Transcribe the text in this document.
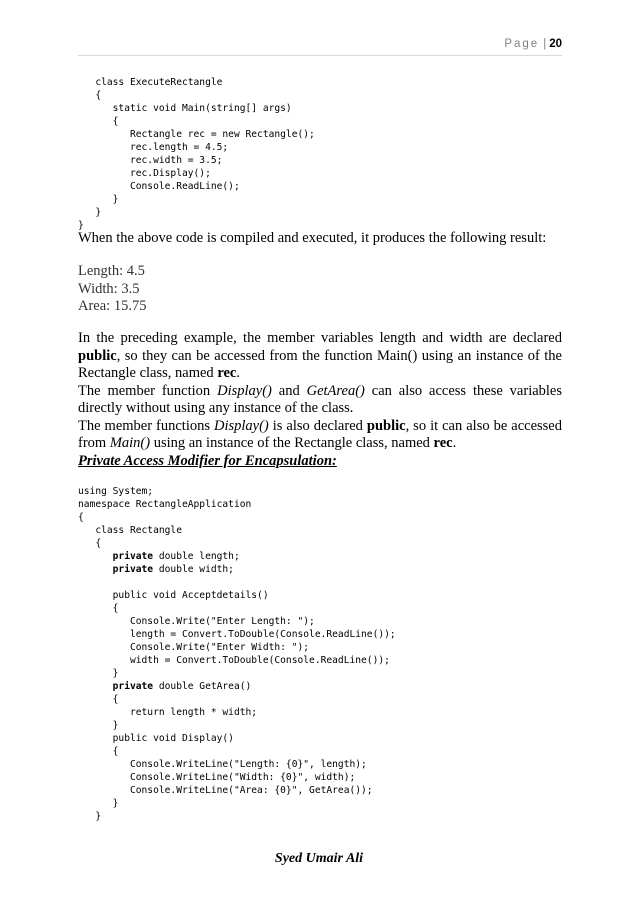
Page | 20
class ExecuteRectangle
{
static void Main(string[] args)
{
Rectangle rec = new Rectangle();
rec.length = 4.5;
rec.width = 3.5;
rec.Display();
Console.ReadLine();
}
}
}

When the above code is compiled and executed, it produces the following result:

Length: 4.5
Width: 3.5
Area: 15.75

In the preceding example, the member variables length and width are declared public, so they can be accessed from the function Main() using an instance of the Rectangle class, named rec.
The member function Display() and GetArea() can also access these variables directly without using any instance of the class.
The member functions Display() is also declared public, so it can also be accessed from Main() using an instance of the Rectangle class, named rec.
Private Access Modifier for Encapsulation:
using System;
namespace RectangleApplication
{
class Rectangle
{
private double length;
private double width;
public void Acceptdetails()
{
Console.Write("Enter Length: ");
length = Convert.ToDouble(Console.ReadLine());
Console.Write("Enter Width: ");
width = Convert.ToDouble(Console.ReadLine());
}
private double GetArea()
{
return length * width;
}
public void Display()
{
Console.WriteLine("Length: {0}", length);
Console.WriteLine("Width: {0}", width);
Console.WriteLine("Area: {0}", GetArea());
}
}
Syed Umair Ali
